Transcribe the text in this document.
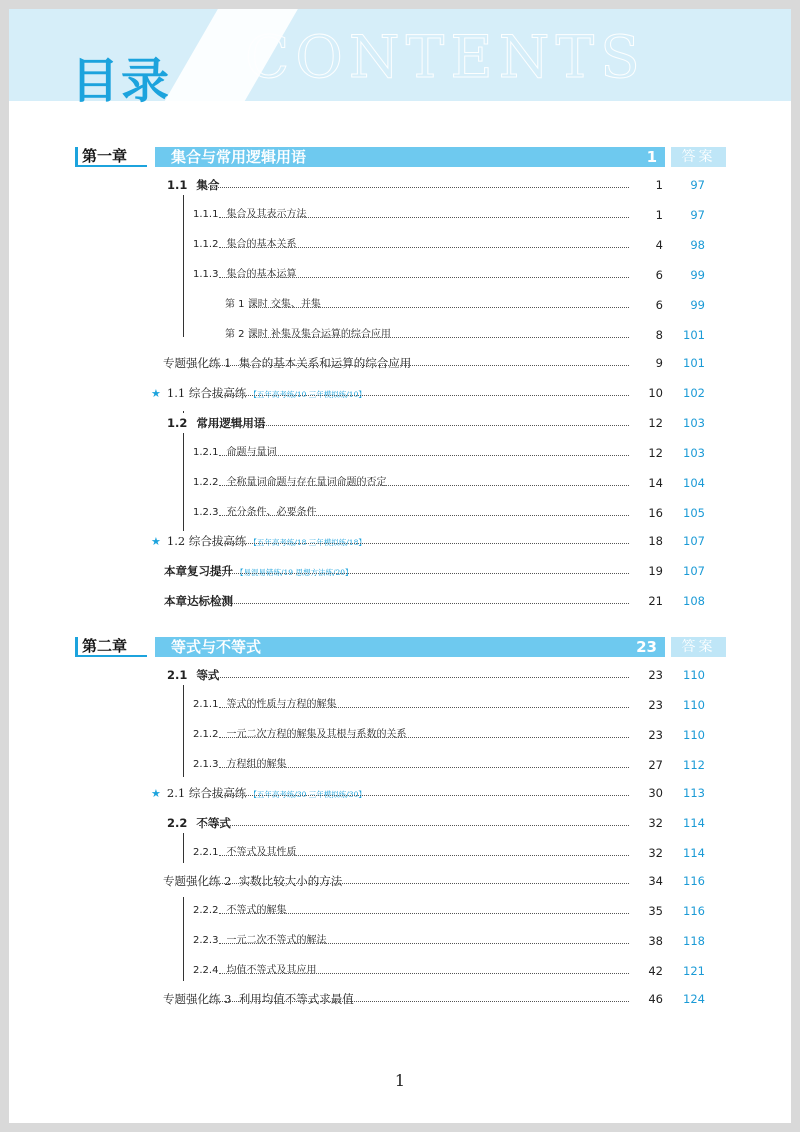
CONTENTS
目录
第一章	集合与常用逻辑用语	1	答案
1.1 集合	1	97
1.1.1 集合及其表示方法	1	97
1.1.2 集合的基本关系	4	98
1.1.3 集合的基本运算	6	99
第 1 课时 交集、并集	6	99
第 2 课时 补集及集合运算的综合应用	8	101
专题强化练 1 集合的基本关系和运算的综合应用	9	101
★ 1.1 综合拔高练 【五年高考练/10 三年模拟练/10】	10	102
1.2 常用逻辑用语	12	103
1.2.1 命题与量词	12	103
1.2.2 全称量词命题与存在量词命题的否定	14	104
1.2.3 充分条件、必要条件	16	105
★ 1.2 综合拔高练 【五年高考练/18 三年模拟练/18】	18	107
本章复习提升 【易混易错练/19 思想方法练/20】	19	107
本章达标检测	21	108
第二章	等式与不等式	23	答案
2.1 等式	23	110
2.1.1 等式的性质与方程的解集	23	110
2.1.2 一元二次方程的解集及其根与系数的关系	23	110
2.1.3 方程组的解集	27	112
★ 2.1 综合拔高练 【五年高考练/30 三年模拟练/30】	30	113
2.2 不等式	32	114
2.2.1 不等式及其性质	32	114
专题强化练 2 实数比较大小的方法	34	116
2.2.2 不等式的解集	35	116
2.2.3 一元二次不等式的解法	38	118
2.2.4 均值不等式及其应用	42	121
专题强化练 3 利用均值不等式求最值	46	124
1
